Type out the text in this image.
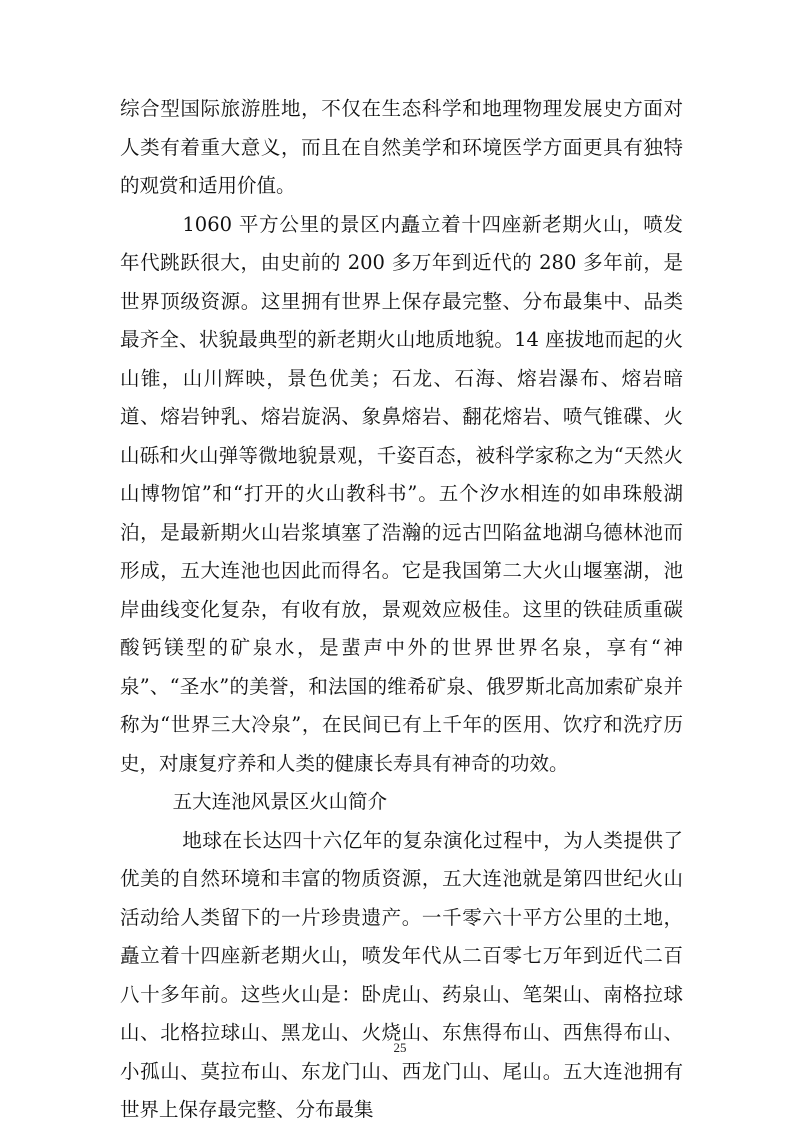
综合型国际旅游胜地，不仅在生态科学和地理物理发展史方面对人类有着重大意义，而且在自然美学和环境医学方面更具有独特的观赏和适用价值。

1060 平方公里的景区内矗立着十四座新老期火山，喷发年代跳跃很大，由史前的 200 多万年到近代的 280 多年前，是世界顶级资源。这里拥有世界上保存最完整、分布最集中、品类最齐全、状貌最典型的新老期火山地质地貌。14 座拔地而起的火山锥，山川辉映，景色优美；石龙、石海、熔岩瀑布、熔岩暗道、熔岩钟乳、熔岩旋涡、象鼻熔岩、翻花熔岩、喷气锥碟、火山砾和火山弹等微地貌景观，千姿百态，被科学家称之为“天然火山博物馆”和“打开的火山教科书”。五个汐水相连的如串珠般湖泊，是最新期火山岩浆填塞了浩瀚的远古凹陷盆地湖乌德林池而形成，五大连池也因此而得名。它是我国第二大火山堰塞湖，池岸曲线变化复杂，有收有放，景观效应极佳。这里的铁硅质重碳酸钙镁型的矿泉水，是蜚声中外的世界世界名泉，享有“神泉”、“圣水”的美誉，和法国的维希矿泉、俄罗斯北高加索矿泉并称为“世界三大冷泉”，在民间已有上千年的医用、饮疗和洗疗历史，对康复疗养和人类的健康长寿具有神奇的功效。

五大连池风景区火山简介

地球在长达四十六亿年的复杂演化过程中，为人类提供了优美的自然环境和丰富的物质资源，五大连池就是第四世纪火山活动给人类留下的一片珍贵遗产。一千零六十平方公里的土地，矗立着十四座新老期火山，喷发年代从二百零七万年到近代二百八十多年前。这些火山是：卧虎山、药泉山、笔架山、南格拉球山、北格拉球山、黑龙山、火烧山、东焦得布山、西焦得布山、小孤山、莫拉布山、东龙门山、西龙门山、尾山。五大连池拥有世界上保存最完整、分布最集

25
